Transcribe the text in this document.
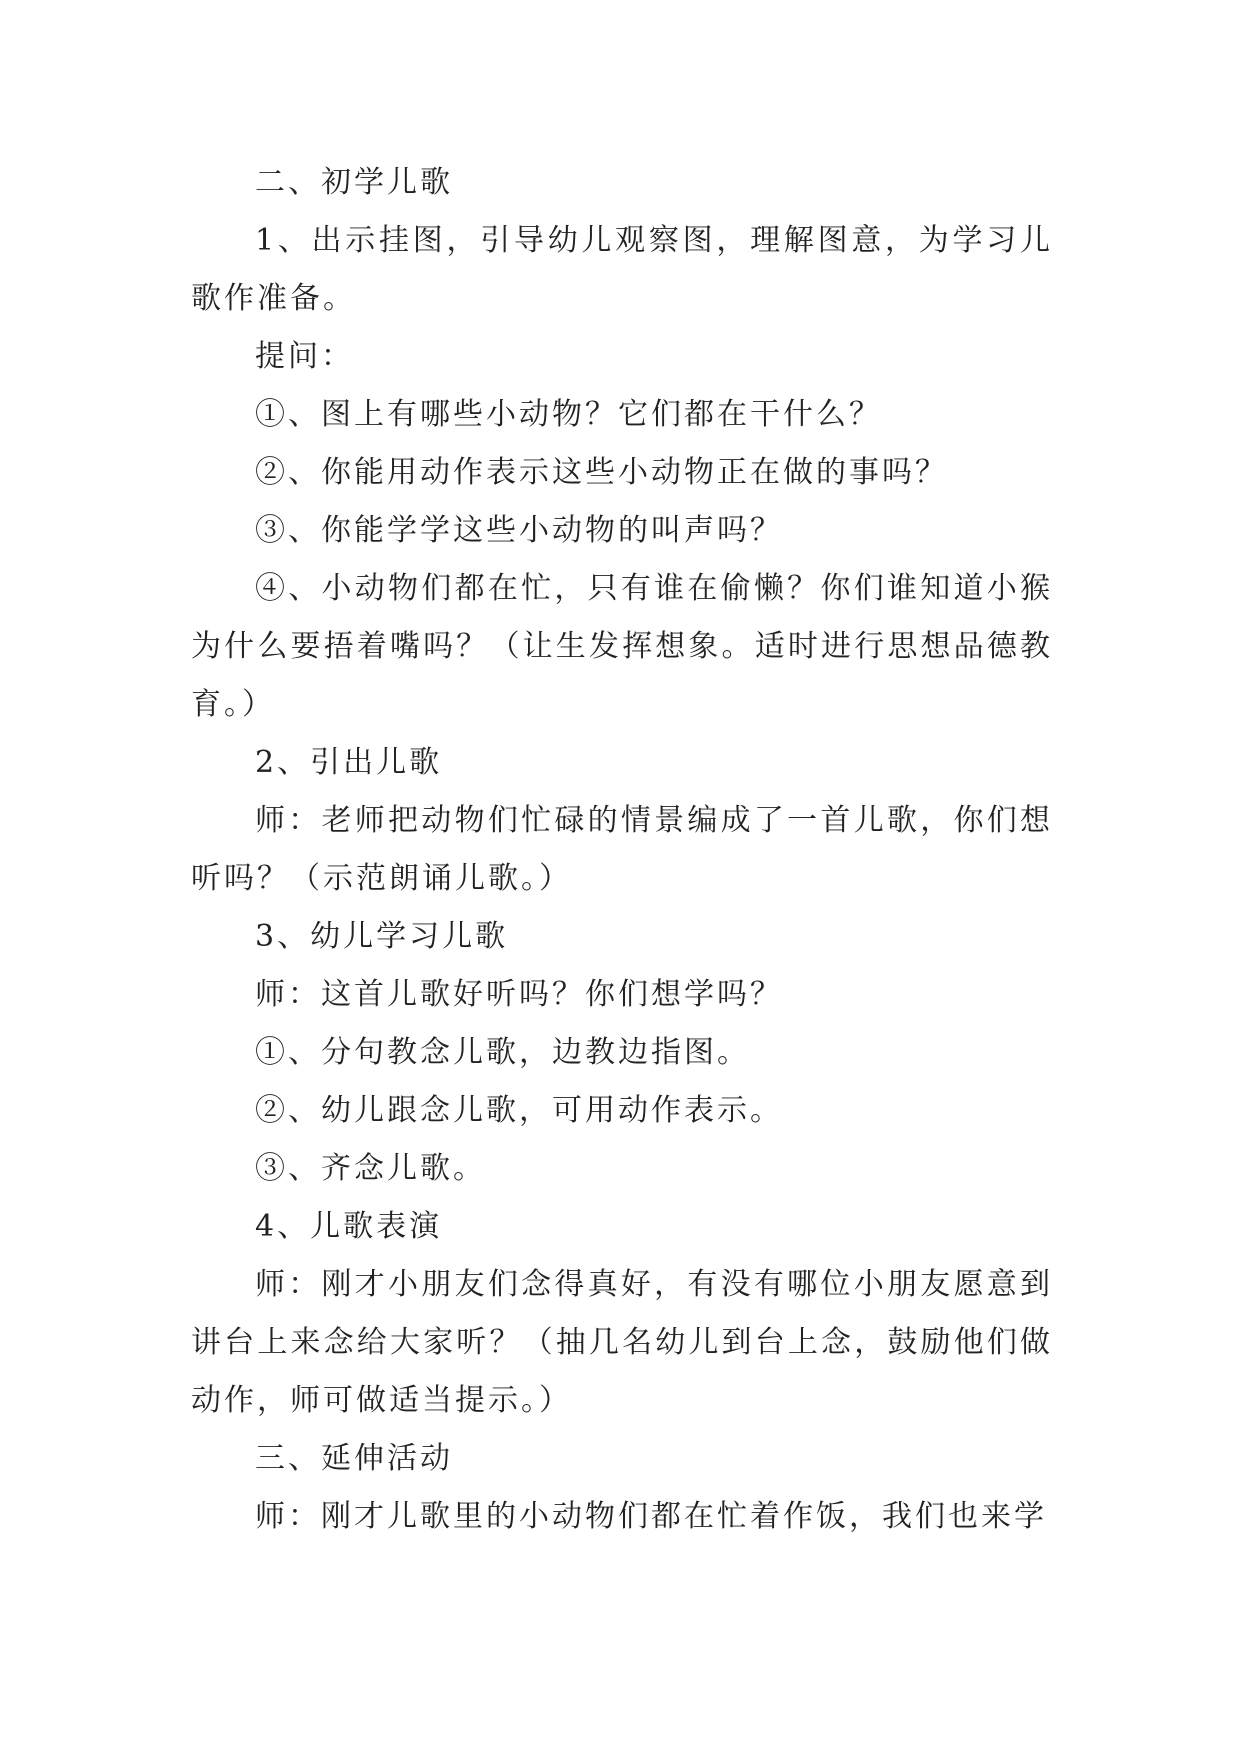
二、初学儿歌

1、出示挂图，引导幼儿观察图，理解图意，为学习儿歌作准备。

提问：

①、图上有哪些小动物？它们都在干什么？

②、你能用动作表示这些小动物正在做的事吗？

③、你能学学这些小动物的叫声吗？

④、小动物们都在忙，只有谁在偷懒？你们谁知道小猴为什么要捂着嘴吗？（让生发挥想象。适时进行思想品德教育。）

2、引出儿歌

师：老师把动物们忙碌的情景编成了一首儿歌，你们想听吗？（示范朗诵儿歌。）

3、幼儿学习儿歌

师：这首儿歌好听吗？你们想学吗？

①、分句教念儿歌，边教边指图。

②、幼儿跟念儿歌，可用动作表示。

③、齐念儿歌。

4、儿歌表演

师：刚才小朋友们念得真好，有没有哪位小朋友愿意到讲台上来念给大家听？（抽几名幼儿到台上念，鼓励他们做动作，师可做适当提示。）

三、延伸活动

师：刚才儿歌里的小动物们都在忙着作饭，我们也来学
